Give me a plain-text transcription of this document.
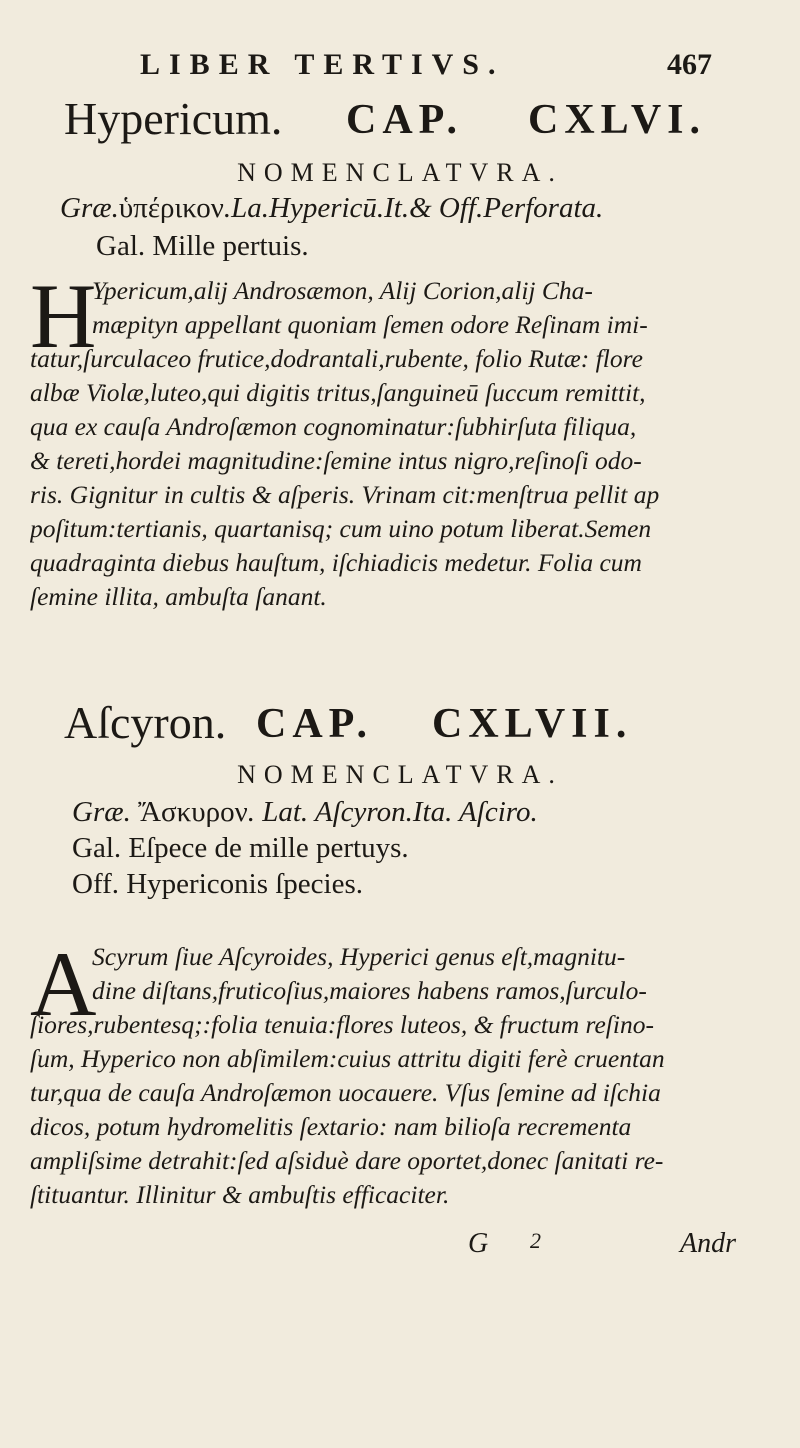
LIBER TERTIVS.	467
Hypericum. CAP. CXLVI.
NOMENCLATVRA.
Græ.ὑπέρικον.La.Hypericū.It.& Off.Perforata.
Gal. Mille pertuis.
H
Ypericum,alij Androsæmon, Alij Corion,alij Cha-
mæpityn appellant quoniam ſemen odore Reſinam imi-
tatur,ſurculaceo frutice,dodrantali,rubente, folio Rutæ: flore
albæ Violæ,luteo,qui digitis tritus,ſanguineū ſuccum remittit,
qua ex cauſa Androſæmon cognominatur:ſubhirſuta filiqua,
& tereti,hordei magnitudine:ſemine intus nigro,reſinoſi odo-
ris. Gignitur in cultis & aſperis. Vrinam cit:menſtrua pellit ap
poſitum:tertianis, quartanisq; cum uino potum liberat.Semen
quadraginta diebus hauſtum, iſchiadicis medetur. Folia cum
ſemine illita, ambuſta ſanant.
Aſcyron. CAP. CXLVII.
NOMENCLATVRA.
Græ. Ἄσκυρον. Lat. Aſcyron.Ita. Aſciro.
Gal. Eſpece de mille pertuys.
Off. Hypericonis ſpecies.
A
Scyrum ſiue Aſcyroides, Hyperici genus eſt,magnitu-
dine diſtans,fruticoſius,maiores habens ramos,ſurculo-
ſiores,rubentesq;:folia tenuia:flores luteos, & fructum reſino-
ſum, Hyperico non abſimilem:cuius attritu digiti ferè cruentan
tur,qua de cauſa Androſæmon uocauere. Vſus ſemine ad iſchia
dicos, potum hydromelitis ſextario: nam bilioſa recrementa
ampliſsime detrahit:ſed aſsiduè dare oportet,donec ſanitati re-
ſtituantur. Illinitur & ambuſtis efficaciter.
G 2	Andr
